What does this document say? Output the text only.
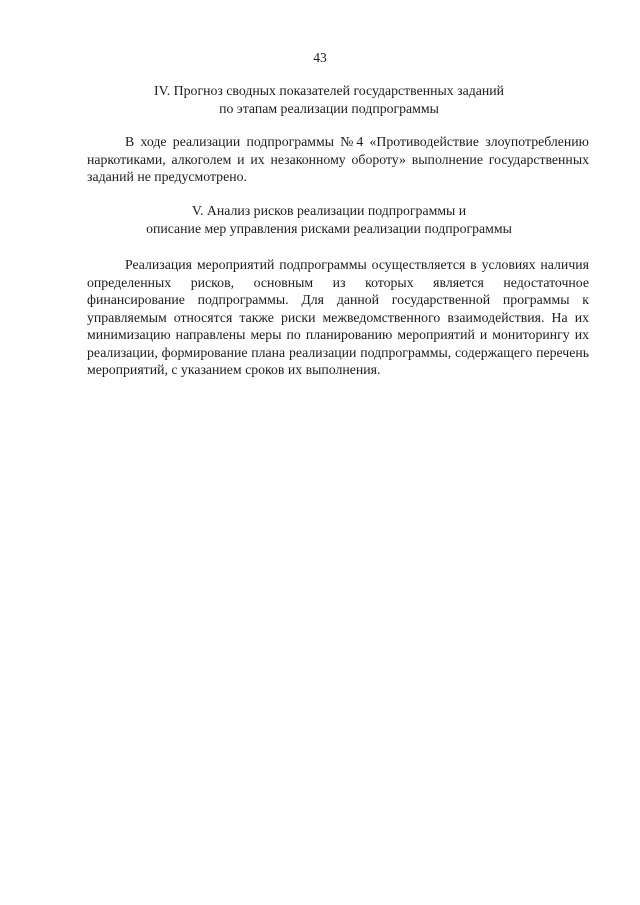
43
IV. Прогноз сводных показателей государственных заданий
по этапам реализации подпрограммы

В ходе реализации подпрограммы №4 «Противодействие злоупотреблению наркотиками, алкоголем и их незаконному обороту» выполнение государственных заданий не предусмотрено.

V. Анализ рисков реализации подпрограммы и
описание мер управления рисками реализации подпрограммы

Реализация мероприятий подпрограммы осуществляется в условиях наличия определенных рисков, основным из которых является недостаточное финансирование подпрограммы. Для данной государственной программы к управляемым относятся также риски межведомственного взаимодействия. На их минимизацию направлены меры по планированию мероприятий и мониторингу их реализации, формирование плана реализации подпрограммы, содержащего перечень мероприятий, с указанием сроков их выполнения.
